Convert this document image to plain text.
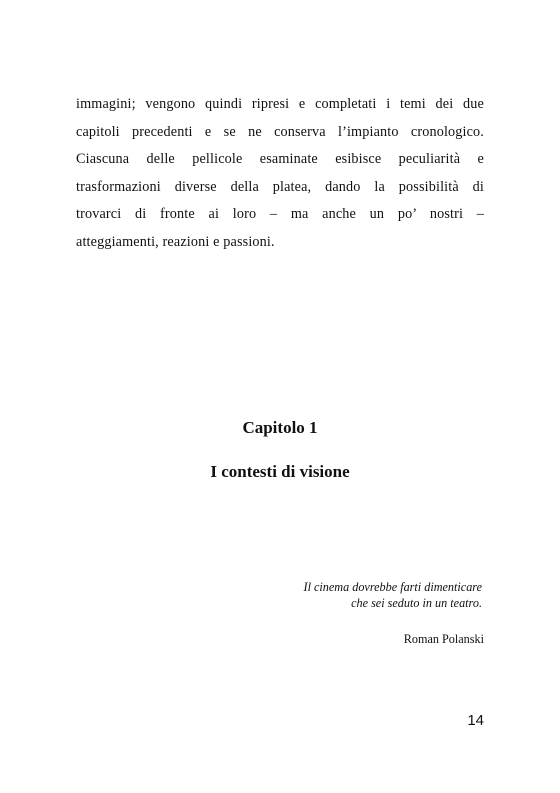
immagini; vengono quindi ripresi e completati i temi dei due
capitoli precedenti e se ne conserva l’impianto cronologico.
Ciascuna delle pellicole esaminate esibisce peculiarità e
trasformazioni diverse della platea, dando la possibilità di
trovarci di fronte ai loro – ma anche un po’ nostri –
atteggiamenti, reazioni e passioni.
Capitolo 1
I contesti di visione
Il cinema dovrebbe farti dimenticare
che sei seduto in un teatro.
Roman Polanski
14
